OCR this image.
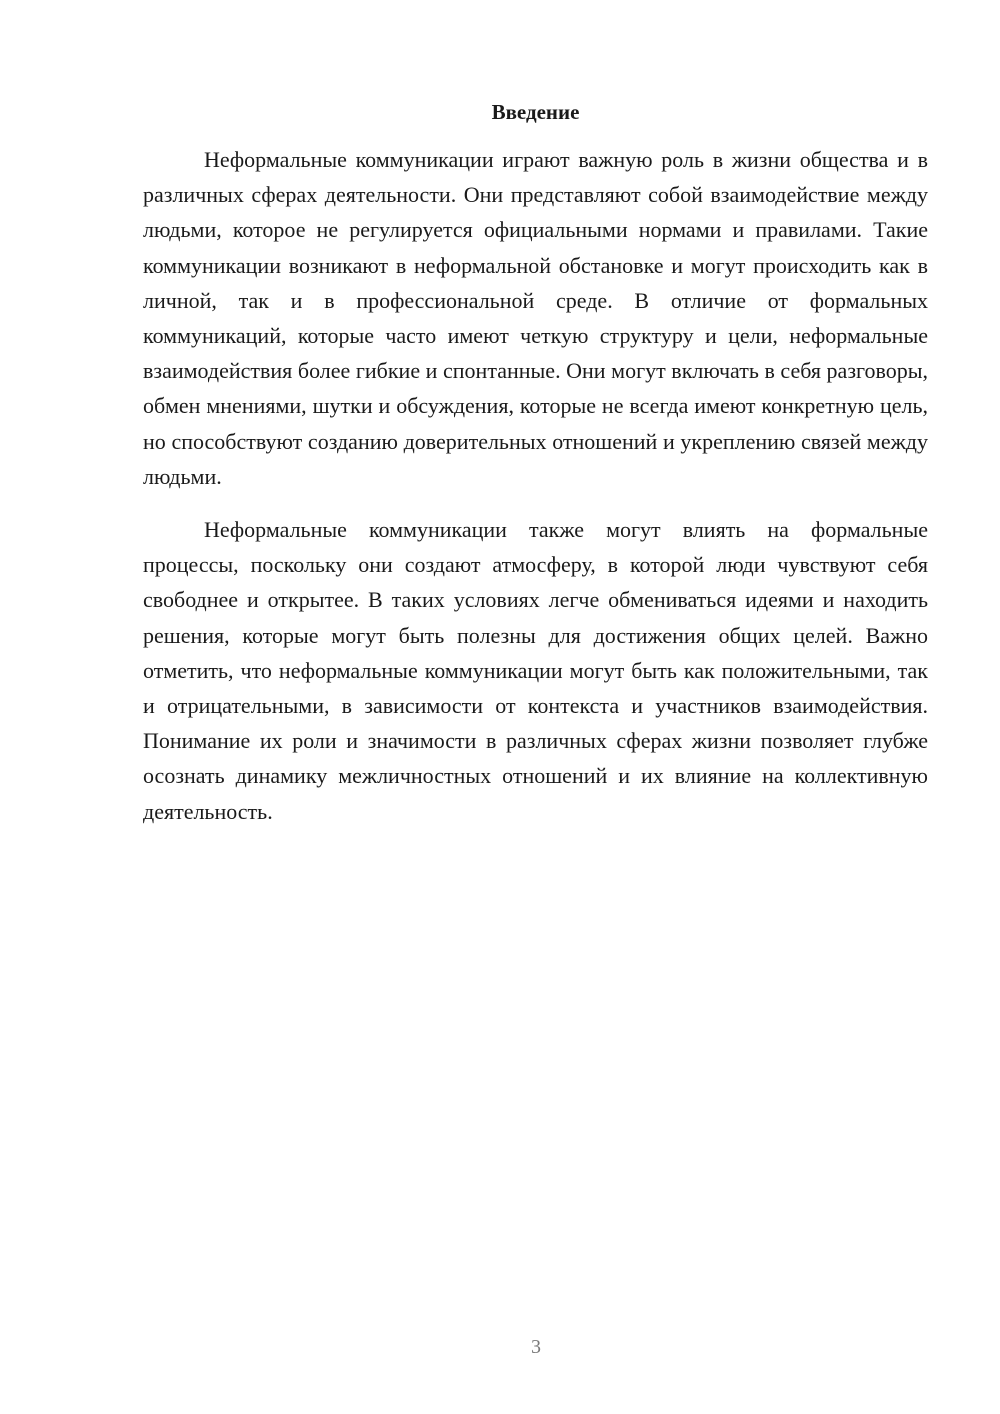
Введение

Неформальные коммуникации играют важную роль в жизни общества и в различных сферах деятельности. Они представляют собой взаимодействие между людьми, которое не регулируется официальными нормами и правилами. Такие коммуникации возникают в неформальной обстановке и могут происходить как в личной, так и в профессиональной среде. В отличие от формальных коммуникаций, которые часто имеют четкую структуру и цели, неформальные взаимодействия более гибкие и спонтанные. Они могут включать в себя разговоры, обмен мнениями, шутки и обсуждения, которые не всегда имеют конкретную цель, но способствуют созданию доверительных отношений и укреплению связей между людьми.

Неформальные коммуникации также могут влиять на формальные процессы, поскольку они создают атмосферу, в которой люди чувствуют себя свободнее и открытее. В таких условиях легче обмениваться идеями и находить решения, которые могут быть полезны для достижения общих целей. Важно отметить, что неформальные коммуникации могут быть как положительными, так и отрицательными, в зависимости от контекста и участников взаимодействия. Понимание их роли и значимости в различных сферах жизни позволяет глубже осознать динамику межличностных отношений и их влияние на коллективную деятельность.

3
